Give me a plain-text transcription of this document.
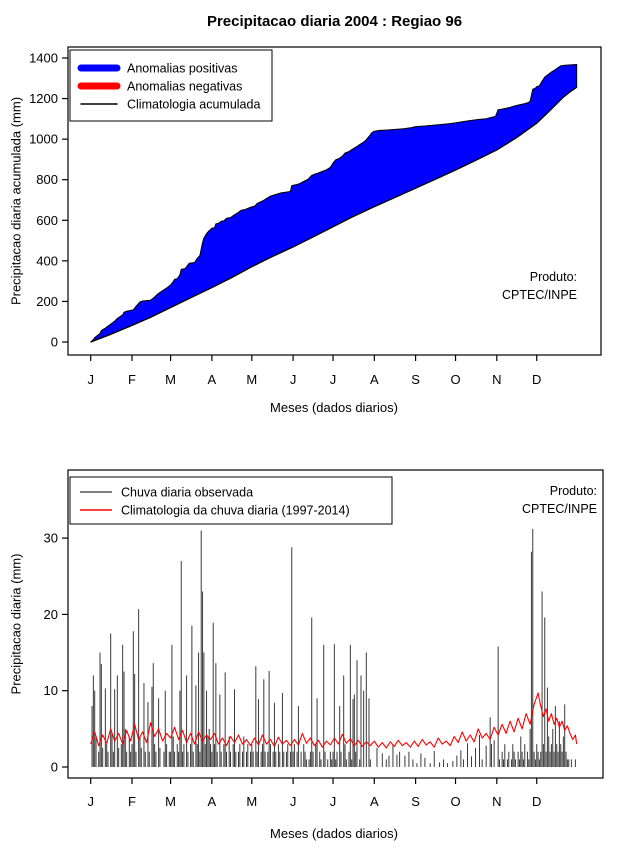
Precipitacao diaria 2004 : Regiao 96
Precipitacao diaria acumulada (mm)
Meses (dados diarios)
Precipitacao diaria (mm)
Meses (dados diarios)
0
200
400
600
800
1000
1200
1400
J	F M A M	J	J	A	S O N D
Anomalias positivas
Anomalias negativas
Climatologia acumulada
Produto:
CPTEC/INPE
0
10
20
30
J	F M A M	J	J	A	S O N D
Chuva diaria observada
Climatologia da chuva diaria (1997-2014)
Produto:
CPTEC/INPE
